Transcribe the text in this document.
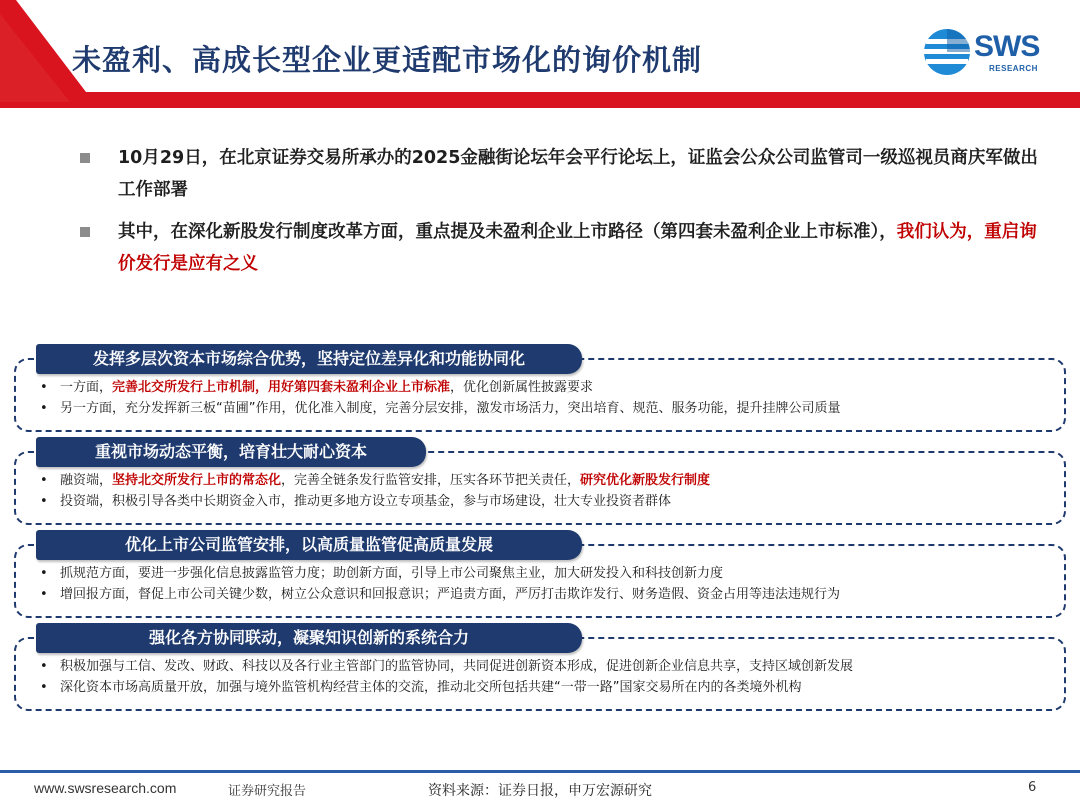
未盈利、高成长型企业更适配市场化的询价机制	SWS
RESEARCH
10月29日，在北京证券交易所承办的2025金融街论坛年会平行论坛上，证监会公众公司监管司一级巡视员商庆军做出工作部署
其中，在深化新股发行制度改革方面，重点提及未盈利企业上市路径（第四套未盈利企业上市标准），我们认为，重启询价发行是应有之义
发挥多层次资本市场综合优势，坚持定位差异化和功能协同化
• 一方面，完善北交所发行上市机制，用好第四套未盈利企业上市标准，优化创新属性披露要求
• 另一方面，充分发挥新三板“苗圃”作用，优化准入制度，完善分层安排，激发市场活力，突出培育、规范、服务功能，提升挂牌公司质量
重视市场动态平衡，培育壮大耐心资本
• 融资端，坚持北交所发行上市的常态化，完善全链条发行监管安排，压实各环节把关责任，研究优化新股发行制度
• 投资端，积极引导各类中长期资金入市，推动更多地方设立专项基金，参与市场建设，壮大专业投资者群体
优化上市公司监管安排，以高质量监管促高质量发展
• 抓规范方面，要进一步强化信息披露监管力度；助创新方面，引导上市公司聚焦主业，加大研发投入和科技创新力度
• 增回报方面，督促上市公司关键少数，树立公众意识和回报意识；严追责方面，严厉打击欺诈发行、财务造假、资金占用等违法违规行为
强化各方协同联动，凝聚知识创新的系统合力
• 积极加强与工信、发改、财政、科技以及各行业主管部门的监管协同，共同促进创新资本形成，促进创新企业信息共享，支持区域创新发展
• 深化资本市场高质量开放，加强与境外监管机构经营主体的交流，推动北交所包括共建“一带一路”国家交易所在内的各类境外机构
www.swsresearch.com	证券研究报告	资料来源：证券日报，申万宏源研究	6
